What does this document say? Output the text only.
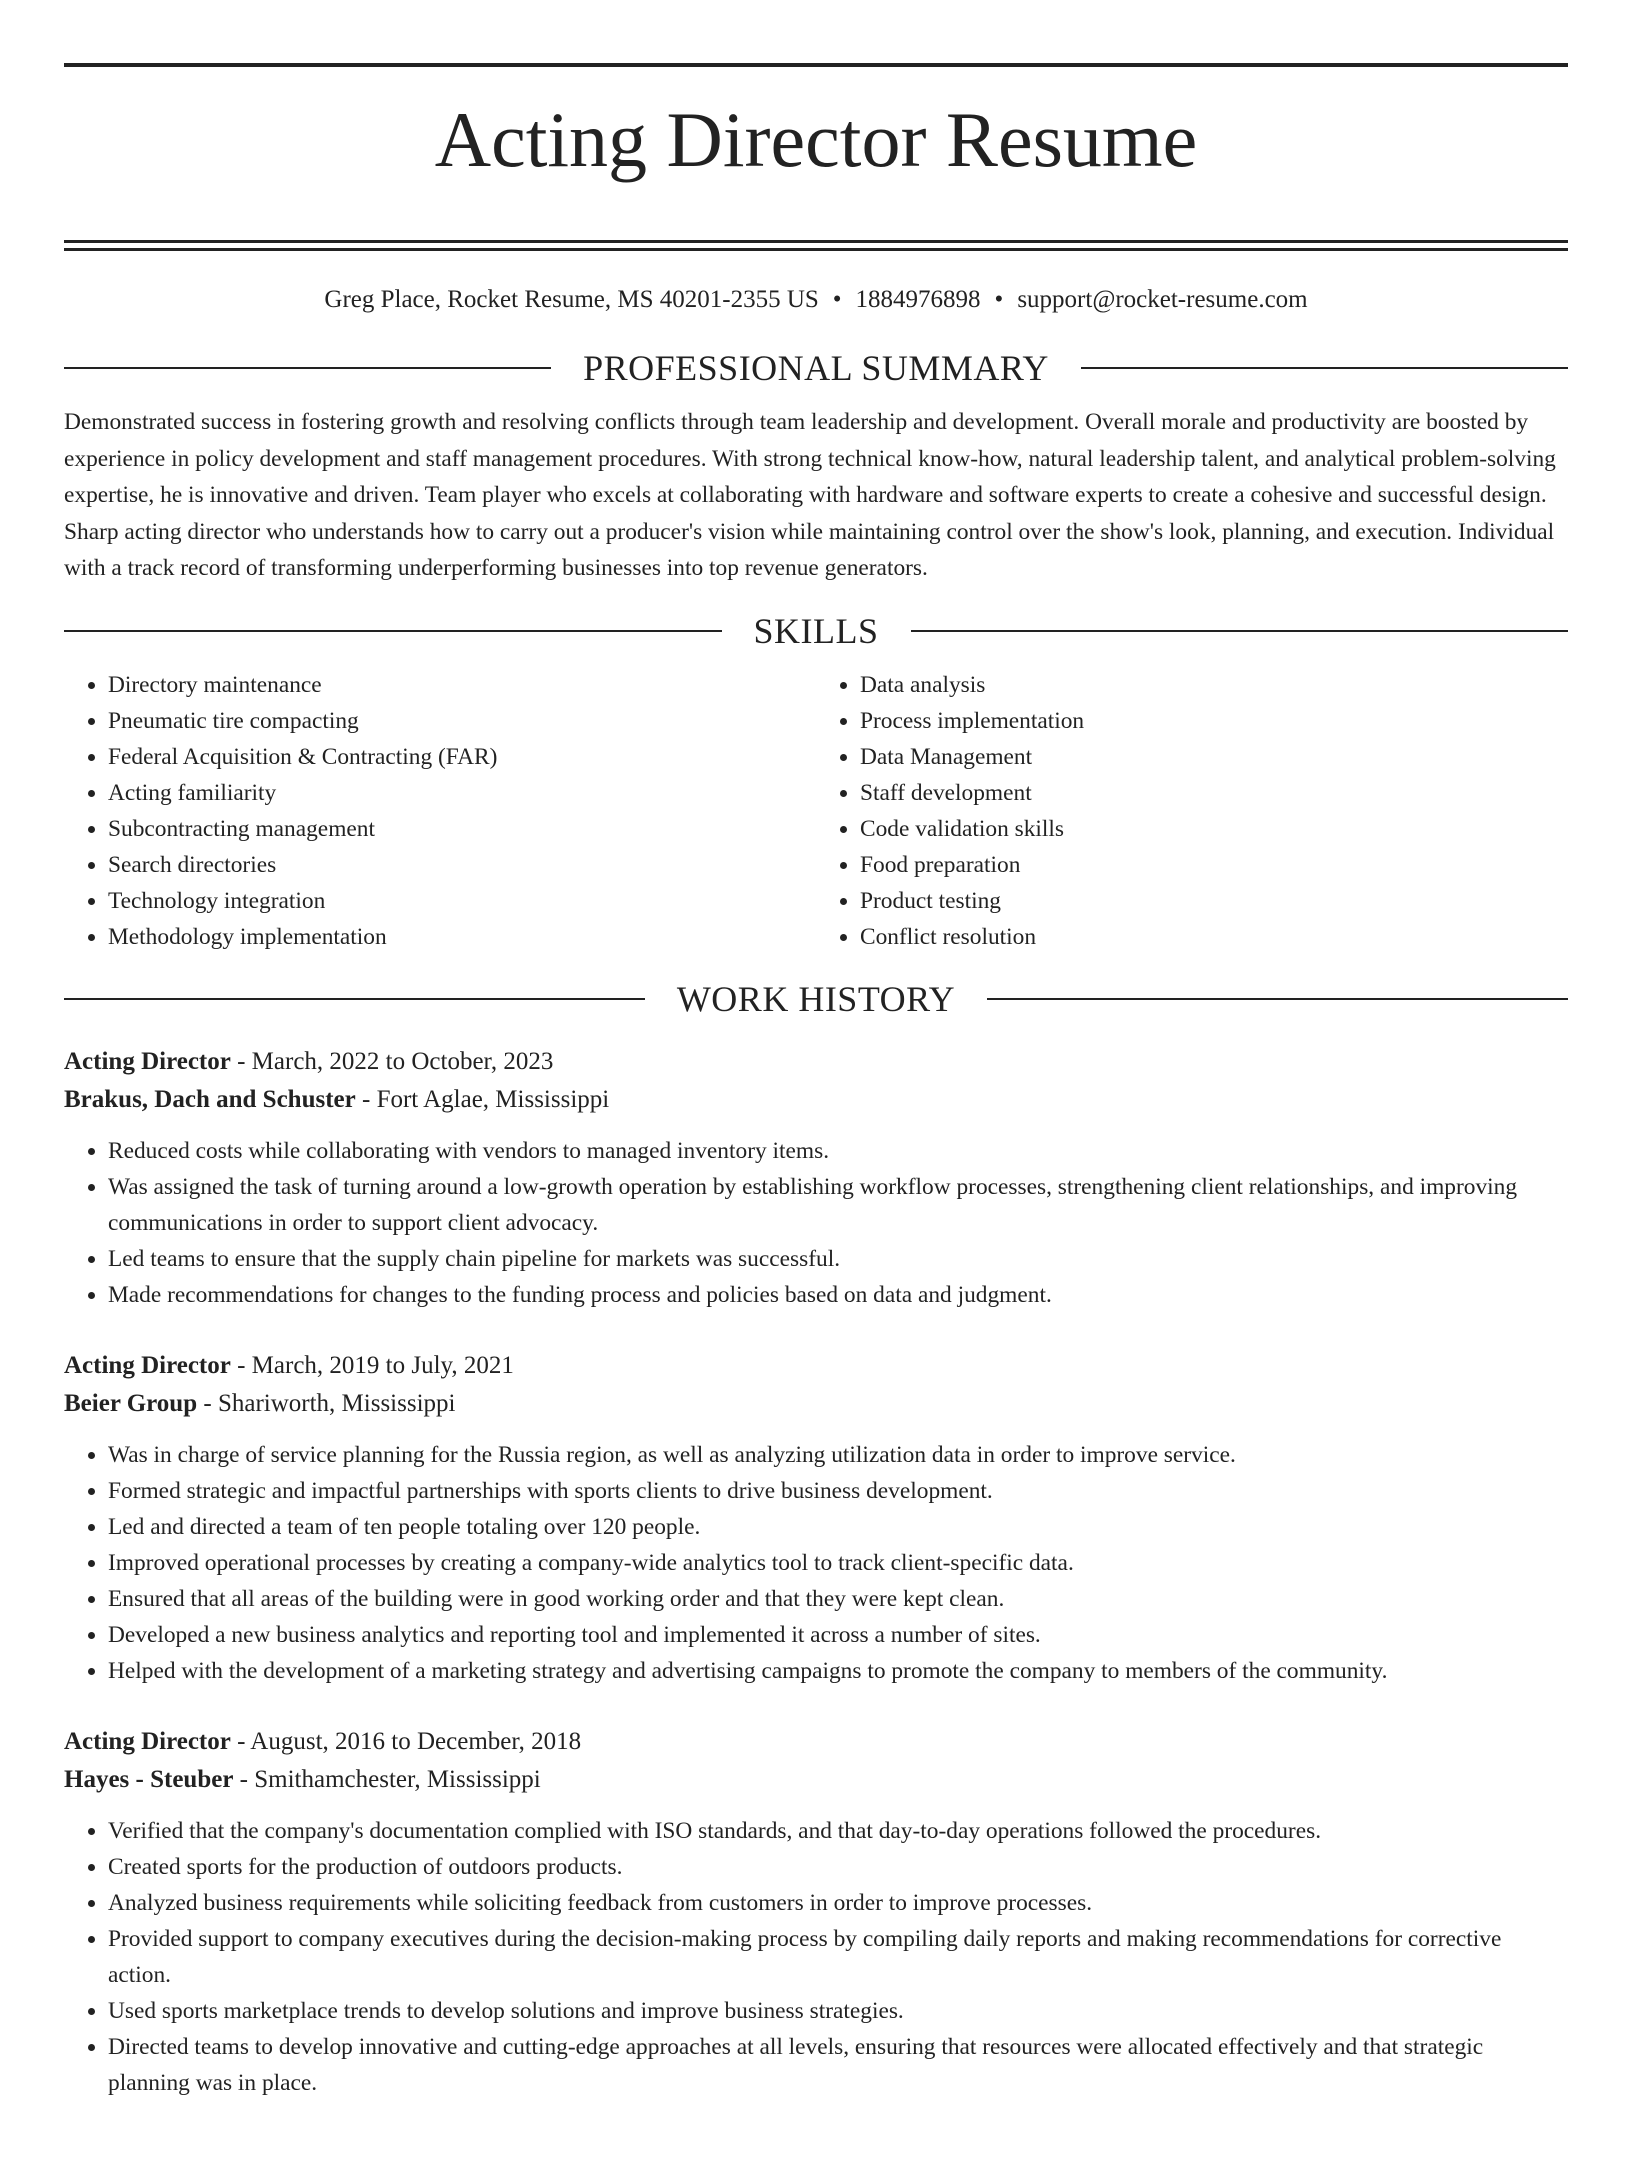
Acting Director Resume
Greg Place, Rocket Resume, MS 40201-2355 US • 1884976898 • support@rocket-resume.com
PROFESSIONAL SUMMARY
Demonstrated success in fostering growth and resolving conflicts through team leadership and development. Overall morale and productivity are boosted by experience in policy development and staff management procedures. With strong technical know-how, natural leadership talent, and analytical problem-solving expertise, he is innovative and driven. Team player who excels at collaborating with hardware and software experts to create a cohesive and successful design. Sharp acting director who understands how to carry out a producer's vision while maintaining control over the show's look, planning, and execution. Individual with a track record of transforming underperforming businesses into top revenue generators.
SKILLS
• Directory maintenance
• Pneumatic tire compacting
• Federal Acquisition & Contracting (FAR)
• Acting familiarity
• Subcontracting management
• Search directories
• Technology integration
• Methodology implementation
• Data analysis
• Process implementation
• Data Management
• Staff development
• Code validation skills
• Food preparation
• Product testing
• Conflict resolution
WORK HISTORY
Acting Director - March, 2022 to October, 2023
Brakus, Dach and Schuster - Fort Aglae, Mississippi
• Reduced costs while collaborating with vendors to managed inventory items.
• Was assigned the task of turning around a low-growth operation by establishing workflow processes, strengthening client relationships, and improving communications in order to support client advocacy.
• Led teams to ensure that the supply chain pipeline for markets was successful.
• Made recommendations for changes to the funding process and policies based on data and judgment.
Acting Director - March, 2019 to July, 2021
Beier Group - Shariworth, Mississippi
• Was in charge of service planning for the Russia region, as well as analyzing utilization data in order to improve service.
• Formed strategic and impactful partnerships with sports clients to drive business development.
• Led and directed a team of ten people totaling over 120 people.
• Improved operational processes by creating a company-wide analytics tool to track client-specific data.
• Ensured that all areas of the building were in good working order and that they were kept clean.
• Developed a new business analytics and reporting tool and implemented it across a number of sites.
• Helped with the development of a marketing strategy and advertising campaigns to promote the company to members of the community.
Acting Director - August, 2016 to December, 2018
Hayes - Steuber - Smithamchester, Mississippi
• Verified that the company's documentation complied with ISO standards, and that day-to-day operations followed the procedures.
• Created sports for the production of outdoors products.
• Analyzed business requirements while soliciting feedback from customers in order to improve processes.
• Provided support to company executives during the decision-making process by compiling daily reports and making recommendations for corrective action.
• Used sports marketplace trends to develop solutions and improve business strategies.
• Directed teams to develop innovative and cutting-edge approaches at all levels, ensuring that resources were allocated effectively and that strategic planning was in place.
